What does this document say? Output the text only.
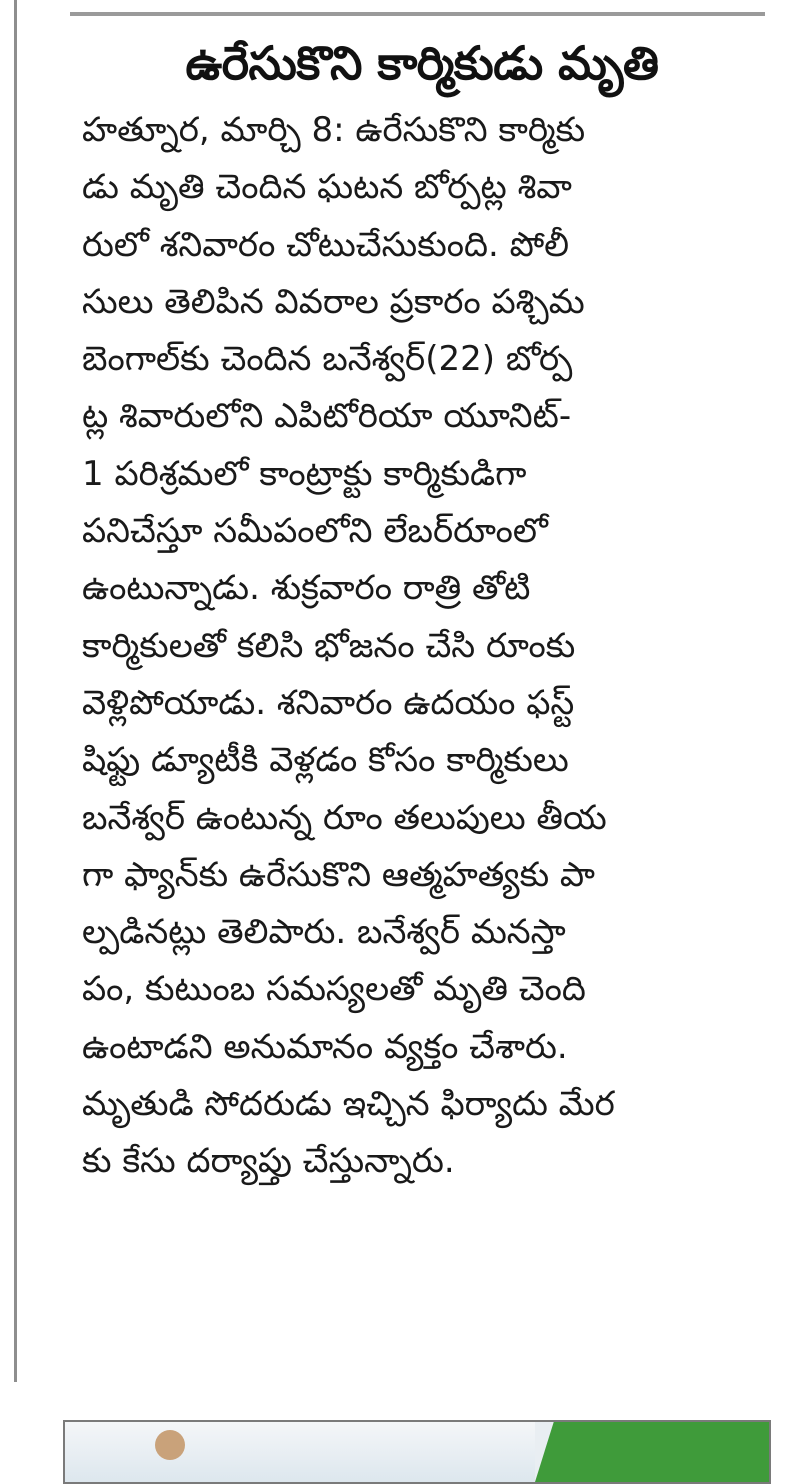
ఉరేసుకొని కార్మికుడు మృతి
హత్నూర, మార్చి 8: ఉరేసుకొని కార్మికు
డు మృతి చెందిన ఘటన బోర్పట్ల శివా
రులో శనివారం చోటుచేసుకుంది. పోలీ
సులు తెలిపిన వివరాల ప్రకారం పశ్చిమ
బెంగాల్‌కు చెందిన బనేశ్వర్(22) బోర్ప
ట్ల శివారులోని ఎపిటోరియా యూనిట్-
1 పరిశ్రమలో కాంట్రాక్టు కార్మికుడిగా
పనిచేస్తూ సమీపంలోని లేబర్‌రూంలో
ఉంటున్నాడు. శుక్రవారం రాత్రి తోటి
కార్మికులతో కలిసి భోజనం చేసి రూంకు
వెళ్లిపోయాడు. శనివారం ఉదయం ఫస్ట్
షిఫ్టు డ్యూటీకి వెళ్లడం కోసం కార్మికులు
బనేశ్వర్ ఉంటున్న రూం తలుపులు తీయ
గా ఫ్యాన్‌కు ఉరేసుకొని ఆత్మహత్యకు పా
ల్పడినట్లు తెలిపారు. బనేశ్వర్ మనస్తా
పం, కుటుంబ సమస్యలతో మృతి చెంది
ఉంటాడని అనుమానం వ్యక్తం చేశారు.
మృతుడి సోదరుడు ఇచ్చిన ఫిర్యాదు మేర
కు కేసు దర్యాప్తు చేస్తున్నారు.
